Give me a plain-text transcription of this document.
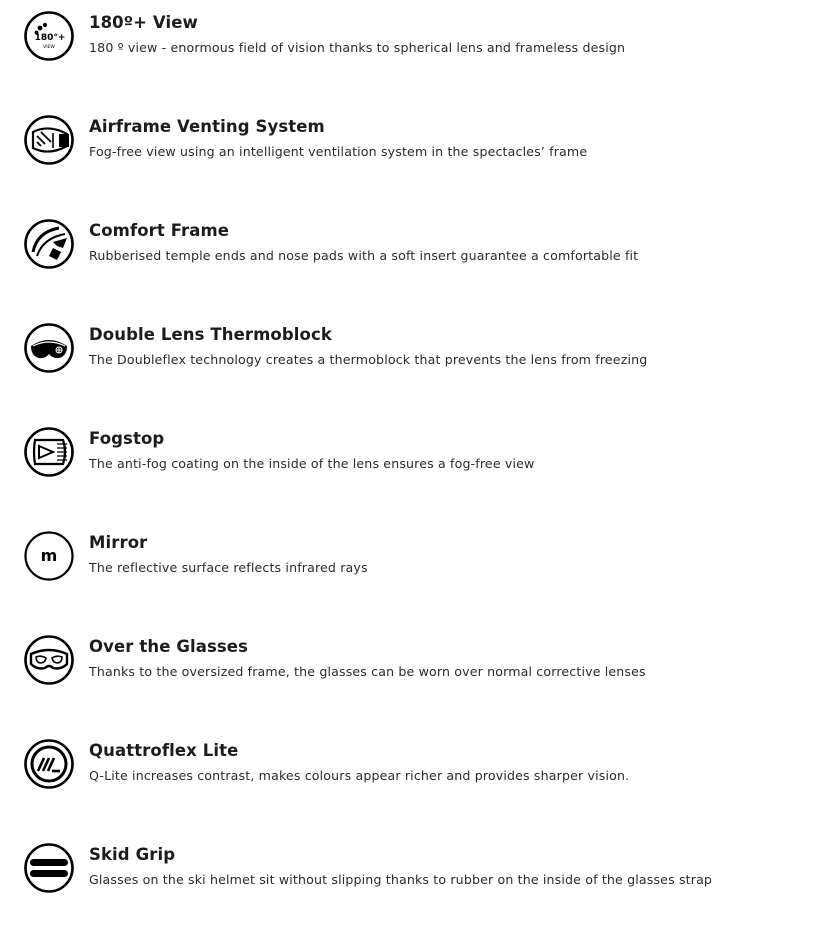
180°+
VIEW
180º+ View
180 º view - enormous field of vision thanks to spherical lens and frameless design
Airframe Venting System
Fog-free view using an intelligent ventilation system in the spectacles’ frame
Comfort Frame
Rubberised temple ends and nose pads with a soft insert guarantee a comfortable fit
Double Lens Thermoblock
The Doubleflex technology creates a thermoblock that prevents the lens from freezing
Fogstop
The anti-fog coating on the inside of the lens ensures a fog-free view
m
Mirror
The reflective surface reflects infrared rays
Over the Glasses
Thanks to the oversized frame, the glasses can be worn over normal corrective lenses
Quattroflex Lite
Q-Lite increases contrast, makes colours appear richer and provides sharper vision.
Skid Grip
Glasses on the ski helmet sit without slipping thanks to rubber on the inside of the glasses strap
